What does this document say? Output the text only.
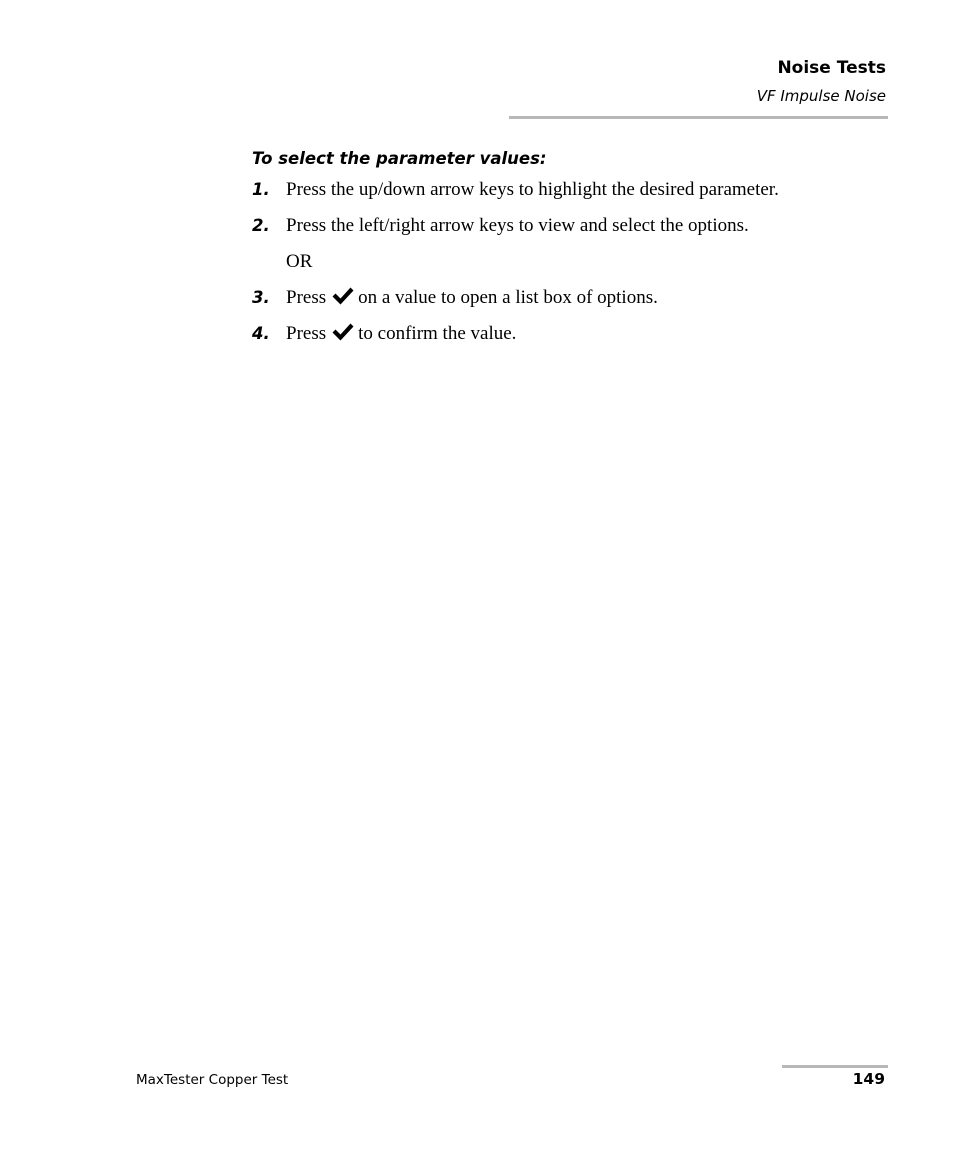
Noise Tests
VF Impulse Noise
To select the parameter values:
1. Press the up/down arrow keys to highlight the desired parameter.
2. Press the left/right arrow keys to view and select the options.
OR
3. Press on a value to open a list box of options.
4. Press to confirm the value.
MaxTester Copper Test	149
